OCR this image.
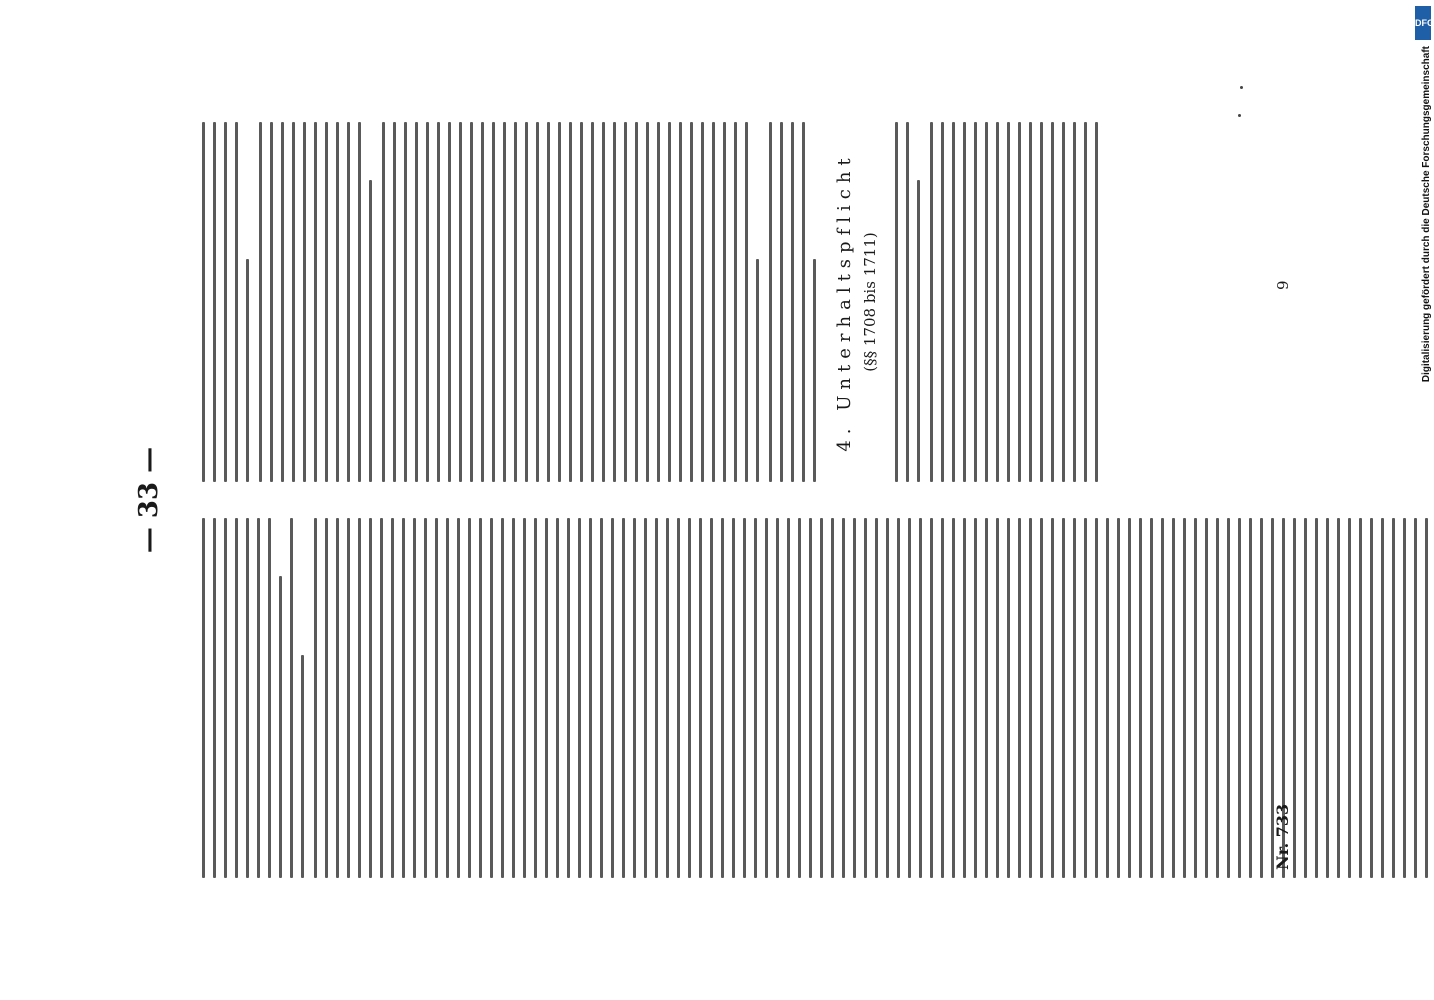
— 33 —
4. Unterhaltspflicht (§§ 1708 bis 1711)
Nr. 733
9
DFG
Digitalisierung gefördert durch die Deutsche Forschungsgemeinschaft
